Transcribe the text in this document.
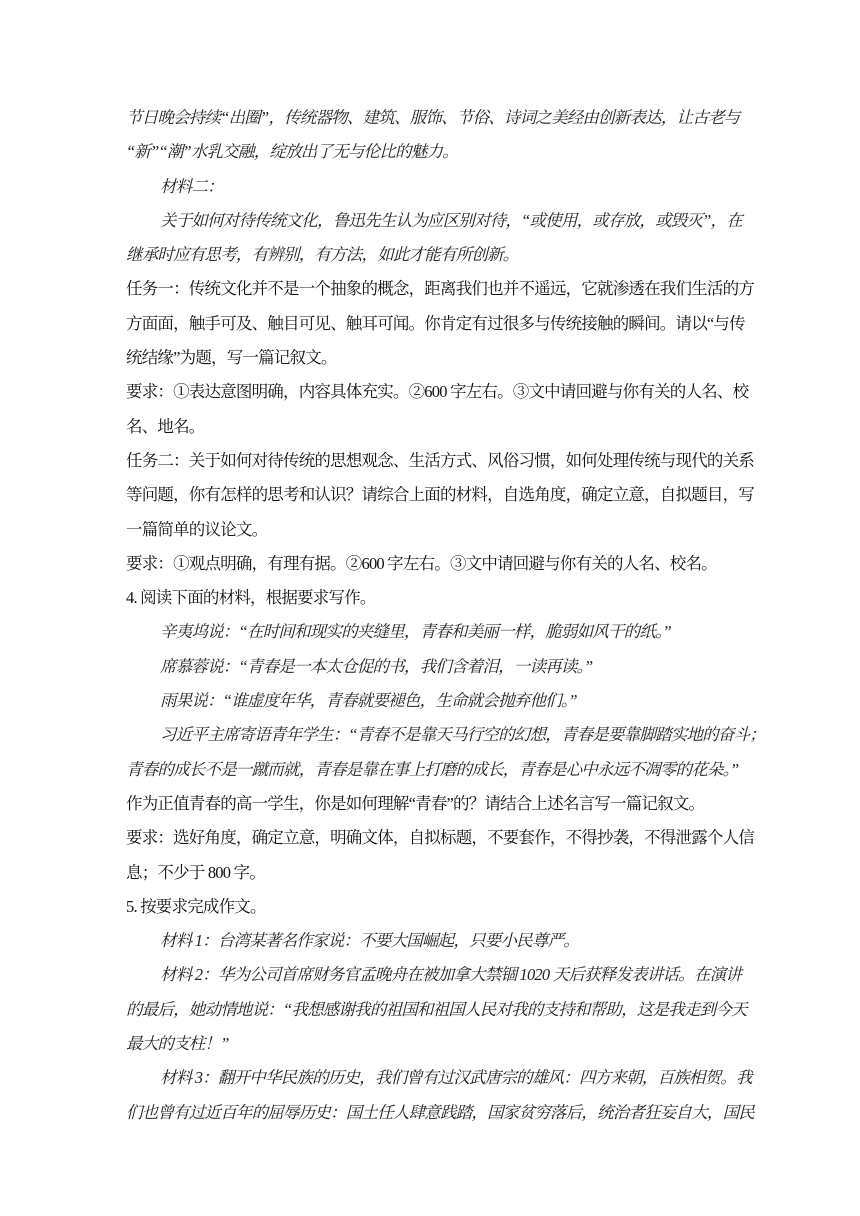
节日晚会持续“出圈”，传统器物、建筑、服饰、节俗、诗词之美经由创新表达，让古老与
“新”“潮”水乳交融，绽放出了无与伦比的魅力。
材料二：
关于如何对待传统文化，鲁迅先生认为应区别对待，“或使用，或存放，或毁灭”，在
继承时应有思考，有辨别，有方法，如此才能有所创新。
任务一：传统文化并不是一个抽象的概念，距离我们也并不遥远，它就渗透在我们生活的方
方面面，触手可及、触目可见、触耳可闻。你肯定有过很多与传统接触的瞬间。请以“与传
统结缘”为题，写一篇记叙文。
要求：①表达意图明确，内容具体充实。②600 字左右。③文中请回避与你有关的人名、校
名、地名。
任务二：关于如何对待传统的思想观念、生活方式、风俗习惯，如何处理传统与现代的关系
等问题，你有怎样的思考和认识？请综合上面的材料，自选角度，确定立意，自拟题目，写
一篇简单的议论文。
要求：①观点明确，有理有据。②600 字左右。③文中请回避与你有关的人名、校名。
4. 阅读下面的材料，根据要求写作。
辛夷坞说：“在时间和现实的夹缝里，青春和美丽一样，脆弱如风干的纸。”
席慕蓉说：“青春是一本太仓促的书，我们含着泪，一读再读。”
雨果说：“谁虚度年华，青春就要褪色，生命就会抛弃他们。”
习近平主席寄语青年学生：“青春不是靠天马行空的幻想，青春是要靠脚踏实地的奋斗；
青春的成长不是一蹴而就，青春是靠在事上打磨的成长，青春是心中永远不凋零的花朵。”
作为正值青春的高一学生，你是如何理解“青春”的？请结合上述名言写一篇记叙文。
要求：选好角度，确定立意，明确文体，自拟标题，不要套作，不得抄袭，不得泄露个人信
息；不少于 800 字。
5. 按要求完成作文。
材料 1：台湾某著名作家说：不要大国崛起，只要小民尊严。
材料 2：华为公司首席财务官孟晚舟在被加拿大禁锢 1020 天后获释发表讲话。在演讲
的最后，她动情地说：“我想感谢我的祖国和祖国人民对我的支持和帮助，这是我走到今天
最大的支柱！”
材料 3：翻开中华民族的历史，我们曾有过汉武唐宗的雄风：四方来朝，百族相贺。我
们也曾有过近百年的屈辱历史：国土任人肆意践踏，国家贫穷落后，统治者狂妄自大，国民
